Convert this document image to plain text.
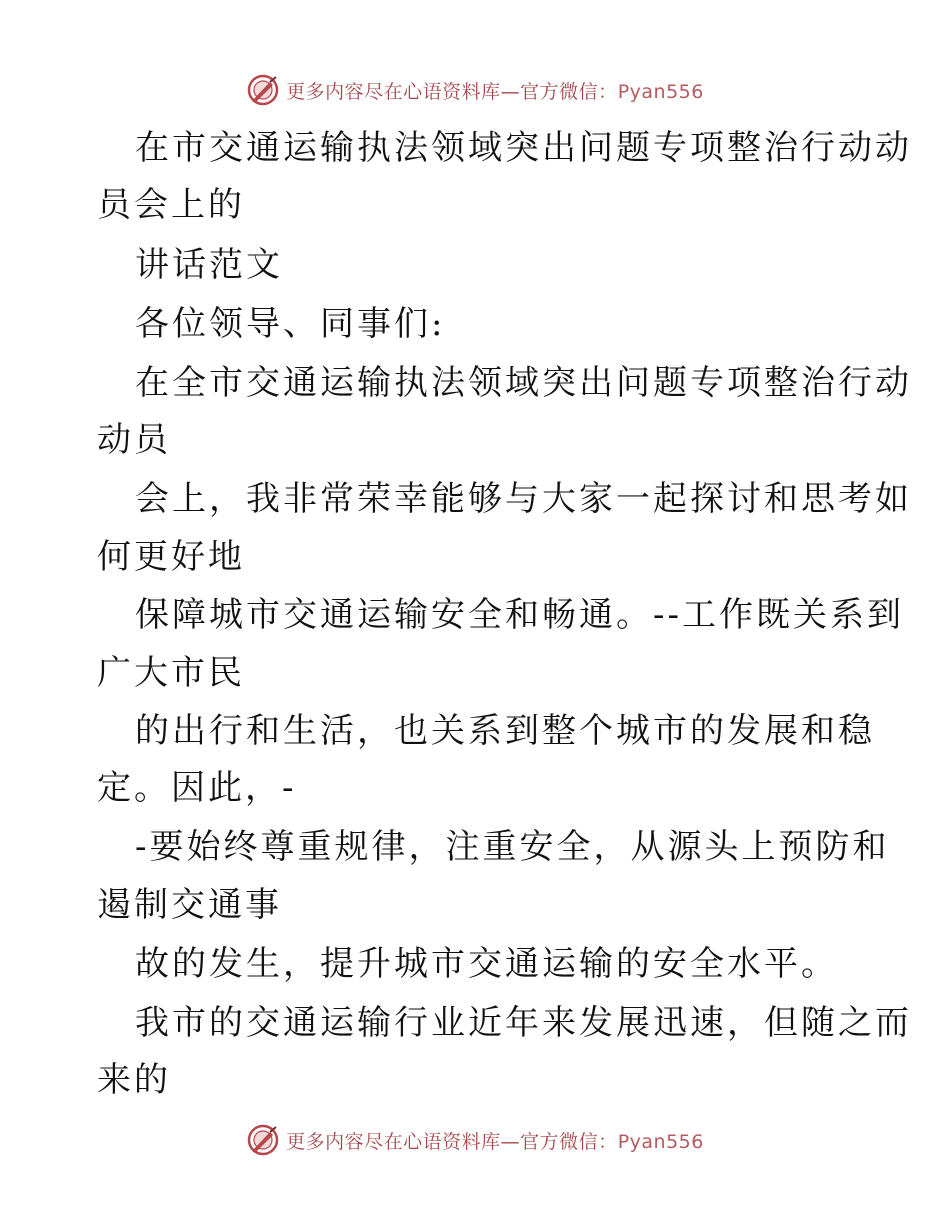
更多内容尽在心语资料库—官方微信：Pyan556
在市交通运输执法领域突出问题专项整治行动动
员会上的
讲话范文
各位领导、同事们:
在全市交通运输执法领域突出问题专项整治行动
动员
会上，我非常荣幸能够与大家一起探讨和思考如
何更好地
保障城市交通运输安全和畅通。--工作既关系到
广大市民
的出行和生活，也关系到整个城市的发展和稳
定。因此，-
-要始终尊重规律，注重安全，从源头上预防和
遏制交通事
故的发生，提升城市交通运输的安全水平。
我市的交通运输行业近年来发展迅速，但随之而
来的
更多内容尽在心语资料库—官方微信：Pyan556
